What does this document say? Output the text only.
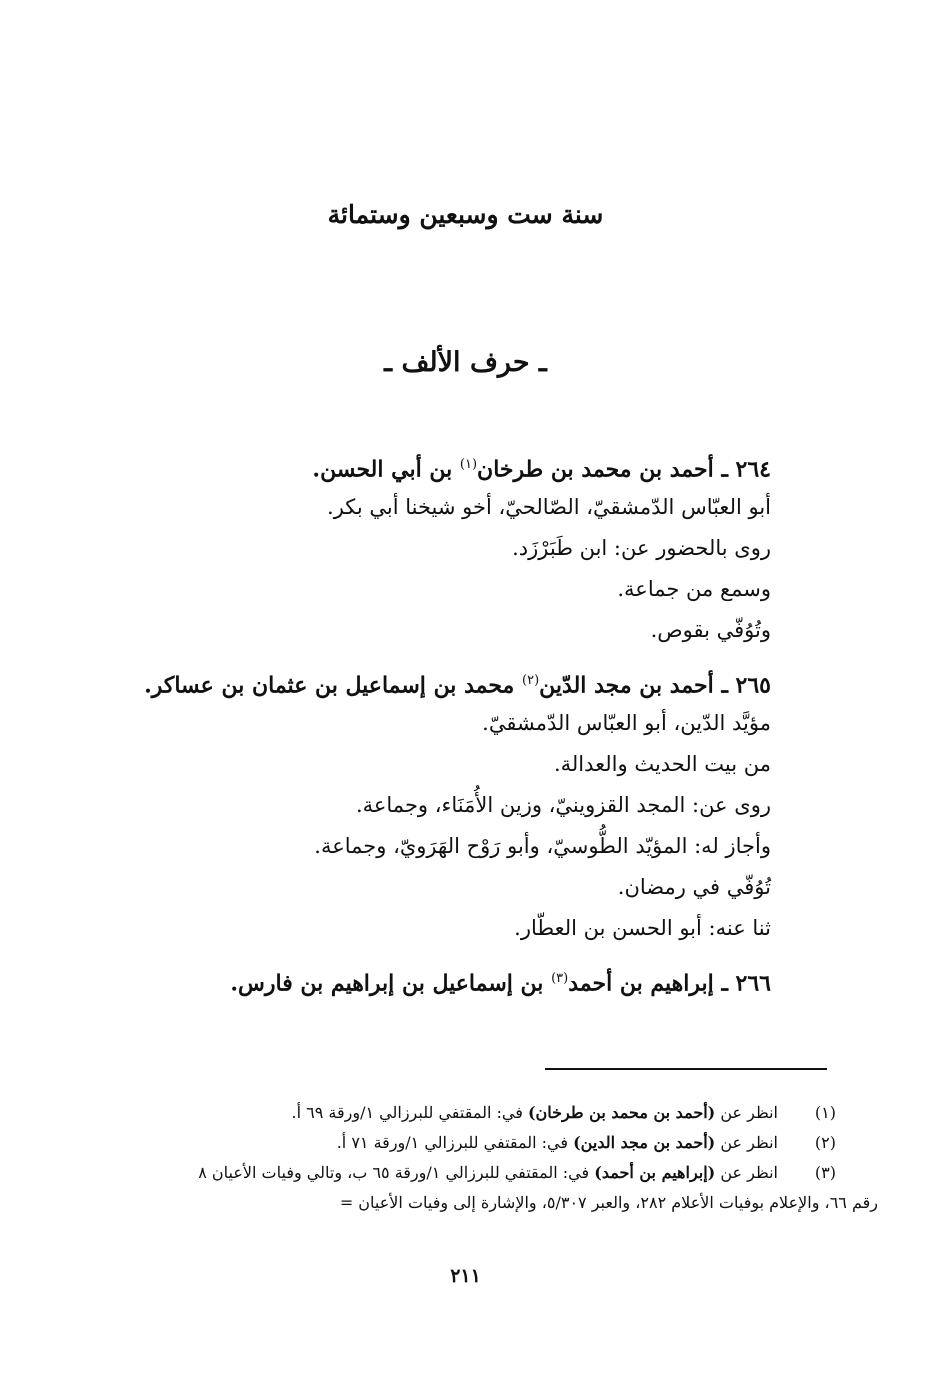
سنة ست وسبعين وستمائة
ـ حرف الألف ـ
٢٦٤ ـ أحمد بن محمد بن طرخان$^{(١)}$ بن أبي الحسن.
أبو العبّاس الدّمشقيّ، الصّالحيّ، أخو شيخنا أبي بكر.
روى بالحضور عن: ابن طَبَرْزَد.
وسمع من جماعة.
وتُوُفّي بقوص.
٢٦٥ ـ أحمد بن مجد الدّين$^{(٢)}$ محمد بن إسماعيل بن عثمان بن عساكر.
مؤيَّد الدّين، أبو العبّاس الدّمشقيّ.
من بيت الحديث والعدالة.
روى عن: المجد القزوينيّ، وزين الأُمَنَاء، وجماعة.
وأجاز له: المؤيّد الطُّوسيّ، وأبو رَوْح الهَرَويّ، وجماعة.
تُوُفّي في رمضان.
ثنا عنه: أبو الحسن بن العطّار.
٢٦٦ ـ إبراهيم بن أحمد$^{(٣)}$ بن إسماعيل بن إبراهيم بن فارس.
(١)
انظر عن (أحمد بن محمد بن طرخان) في: المقتفي للبرزالي ١/ورقة ٦٩ أ.
(٢)
انظر عن (أحمد بن مجد الدين) في: المقتفي للبرزالي ١/ورقة ٧١ أ.
(٣)
انظر عن (إبراهيم بن أحمد) في: المقتفي للبرزالي ١/ورقة ٦٥ ب، وتالي وفيات الأعيان ٨
رقم ٦٦، والإعلام بوفيات الأعلام ٢٨٢، والعبر ٥/٣٠٧، والإشارة إلى وفيات الأعيان =
٢١١
